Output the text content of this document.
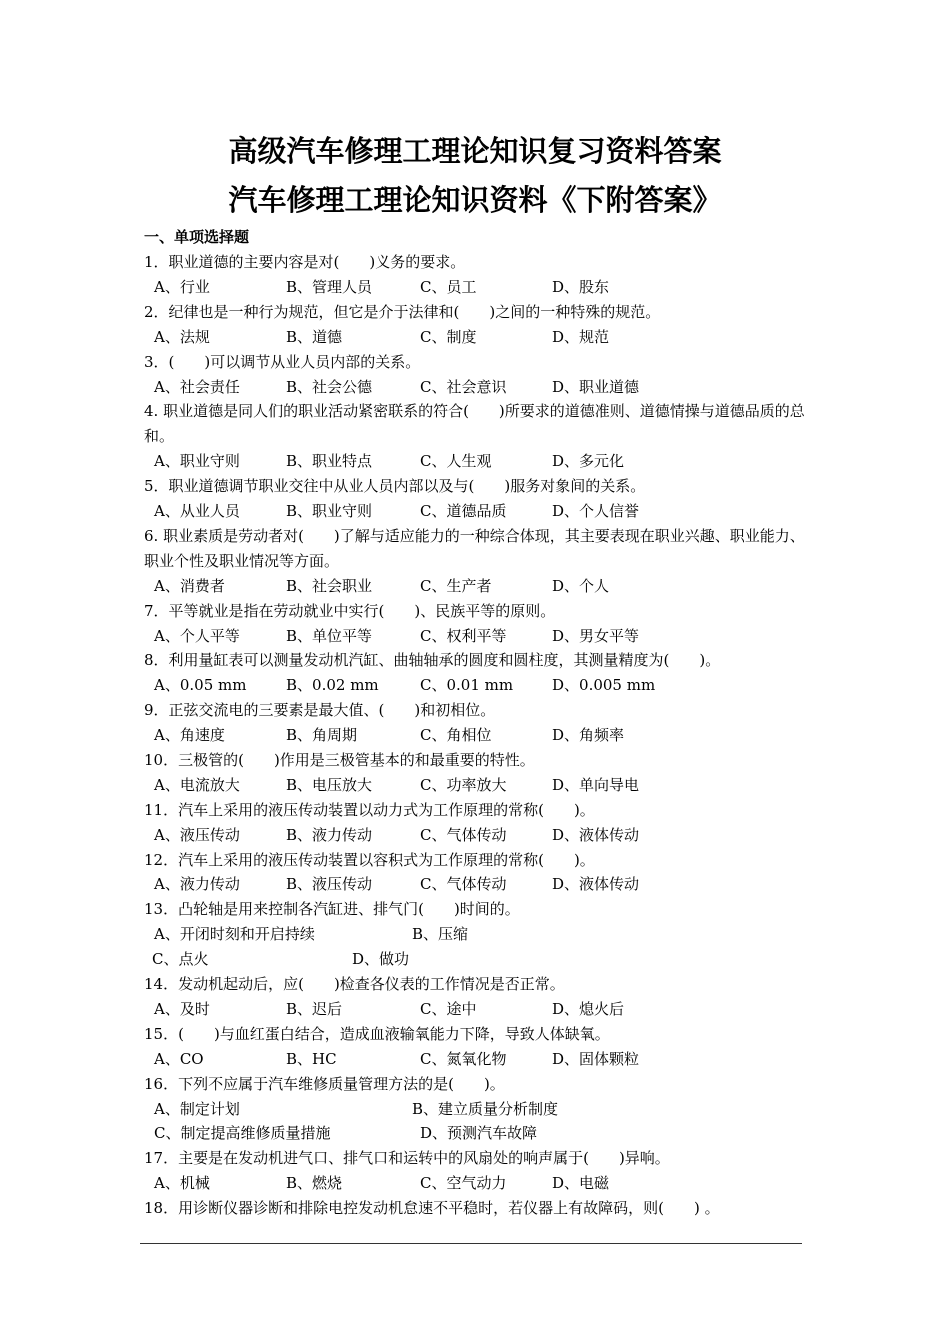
高级汽车修理工理论知识复习资料答案
汽车修理工理论知识资料《下附答案》
一、单项选择题

1．职业道德的主要内容是对(　　)义务的要求。

A、行业	B、管理人员	C、员工	D、股东

2．纪律也是一种行为规范，但它是介于法律和(　　)之间的一种特殊的规范。

A、法规	B、道德	C、制度	D、规范

3．(　　)可以调节从业人员内部的关系。

A、社会责任	B、社会公德	C、社会意识	D、职业道德

4. 职业道德是同人们的职业活动紧密联系的符合(　　)所要求的道德准则、道德情操与道德品质的总和。

A、职业守则	B、职业特点	C、人生观	D、多元化

5．职业道德调节职业交往中从业人员内部以及与(　　)服务对象间的关系。

A、从业人员	B、职业守则	C、道德品质	D、个人信誉

6. 职业素质是劳动者对(　　)了解与适应能力的一种综合体现，其主要表现在职业兴趣、职业能力、职业个性及职业情况等方面。

A、消费者	B、社会职业	C、生产者	D、个人

7．平等就业是指在劳动就业中实行(　　)、民族平等的原则。

A、个人平等	B、单位平等	C、权利平等	D、男女平等

8．利用量缸表可以测量发动机汽缸、曲轴轴承的圆度和圆柱度，其测量精度为(　　)。

A、0.05 mm	B、0.02 mm	C、0.01 mm	D、0.005 mm

9．正弦交流电的三要素是最大值、(　　)和初相位。

A、角速度	B、角周期	C、角相位	D、角频率

10．三极管的(　　)作用是三极管基本的和最重要的特性。

A、电流放大	B、电压放大	C、功率放大	D、单向导电

11．汽车上采用的液压传动装置以动力式为工作原理的常称(　　)。

A、液压传动	B、液力传动	C、气体传动	D、液体传动

12．汽车上采用的液压传动装置以容积式为工作原理的常称(　　)。

A、液力传动	B、液压传动	C、气体传动	D、液体传动

13．凸轮轴是用来控制各汽缸进、排气门(　　)时间的。

A、开闭时刻和开启持续	B、压缩
C、点火	D、做功

14．发动机起动后，应(　　)检查各仪表的工作情况是否正常。

A、及时	B、迟后	C、途中	D、熄火后

15．(　　)与血红蛋白结合，造成血液输氧能力下降，导致人体缺氧。

A、CO	B、HC	C、氮氧化物	D、固体颗粒

16．下列不应属于汽车维修质量管理方法的是(　　)。

A、制定计划	B、建立质量分析制度
C、制定提高维修质量措施	D、预测汽车故障

17．主要是在发动机进气口、排气口和运转中的风扇处的响声属于(　　)异响。

A、机械	B、燃烧	C、空气动力	D、电磁

18．用诊断仪器诊断和排除电控发动机怠速不平稳时，若仪器上有故障码，则(　　) 。
